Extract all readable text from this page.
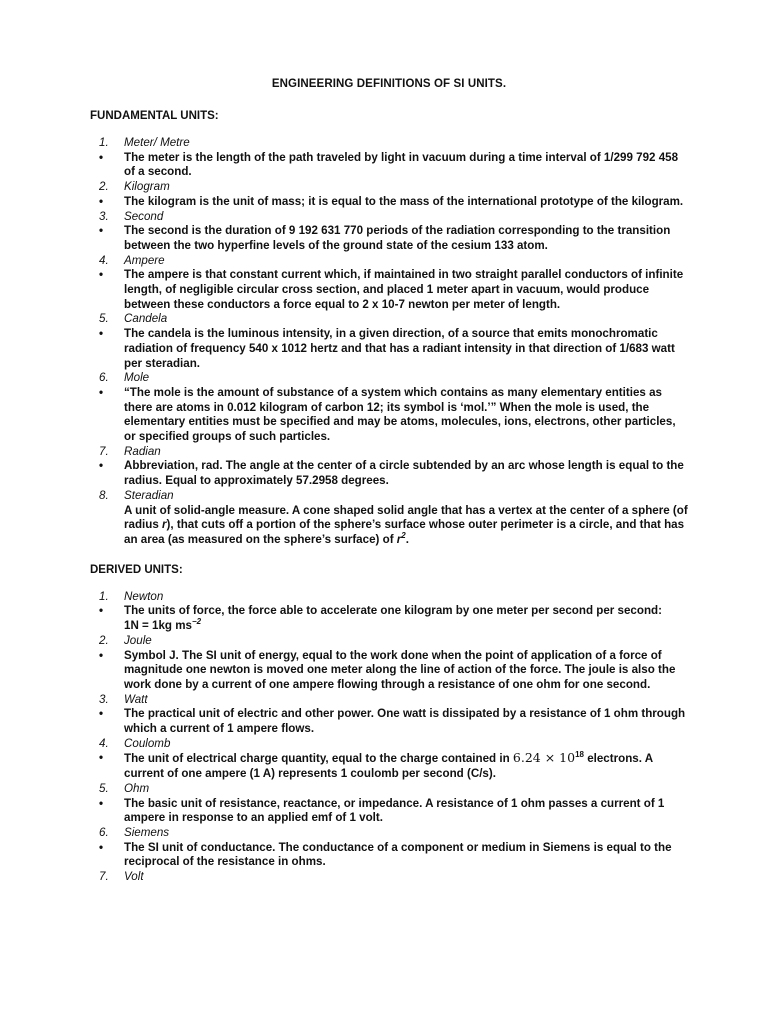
ENGINEERING DEFINITIONS OF SI UNITS.
FUNDAMENTAL UNITS:
1.	Meter/ Metre
•	The meter is the length of the path traveled by light in vacuum during a time interval of 1/299 792 458 of a second.
2.	Kilogram
•	The kilogram is the unit of mass; it is equal to the mass of the international prototype of the kilogram.
3.	Second
•	The second is the duration of 9 192 631 770 periods of the radiation corresponding to the transition between the two hyperfine levels of the ground state of the cesium 133 atom.
4.	Ampere
•	The ampere is that constant current which, if maintained in two straight parallel conductors of infinite length, of negligible circular cross section, and placed 1 meter apart in vacuum, would produce between these conductors a force equal to 2 x 10-7 newton per meter of length.
5.	Candela
•	The candela is the luminous intensity, in a given direction, of a source that emits monochromatic radiation of frequency 540 x 1012 hertz and that has a radiant intensity in that direction of 1/683 watt per steradian.
6.	Mole
•	“The mole is the amount of substance of a system which contains as many elementary entities as there are atoms in 0.012 kilogram of carbon 12; its symbol is ‘mol.’” When the mole is used, the elementary entities must be specified and may be atoms, molecules, ions, electrons, other particles, or specified groups of such particles.
7.	Radian
•	Abbreviation, rad. The angle at the center of a circle subtended by an arc whose length is equal to the radius. Equal to approximately 57.2958 degrees.
8.	Steradian
A unit of solid-angle measure. A cone shaped solid angle that has a vertex at the center of a sphere (of radius r), that cuts off a portion of the sphere’s surface whose outer perimeter is a circle, and that has an area (as measured on the sphere’s surface) of $r^2$.
DERIVED UNITS:
1.	Newton
•	The units of force, the force able to accelerate one kilogram by one meter per second per second:
1N = 1kg $ms^{-2}$
2.	Joule
•	Symbol J. The SI unit of energy, equal to the work done when the point of application of a force of magnitude one newton is moved one meter along the line of action of the force. The joule is also the work done by a current of one ampere flowing through a resistance of one ohm for one second.
3.	Watt
•	The practical unit of electric and other power. One watt is dissipated by a resistance of 1 ohm through which a current of 1 ampere flows.
4.	Coulomb
•	The unit of electrical charge quantity, equal to the charge contained in $6.24 \times 10^{18}$ electrons. A current of one ampere (1 A) represents 1 coulomb per second (C/s).
5.	Ohm
•	The basic unit of resistance, reactance, or impedance. A resistance of 1 ohm passes a current of 1 ampere in response to an applied emf of 1 volt.
6.	Siemens
•	The SI unit of conductance. The conductance of a component or medium in Siemens is equal to the reciprocal of the resistance in ohms.
7.	Volt
